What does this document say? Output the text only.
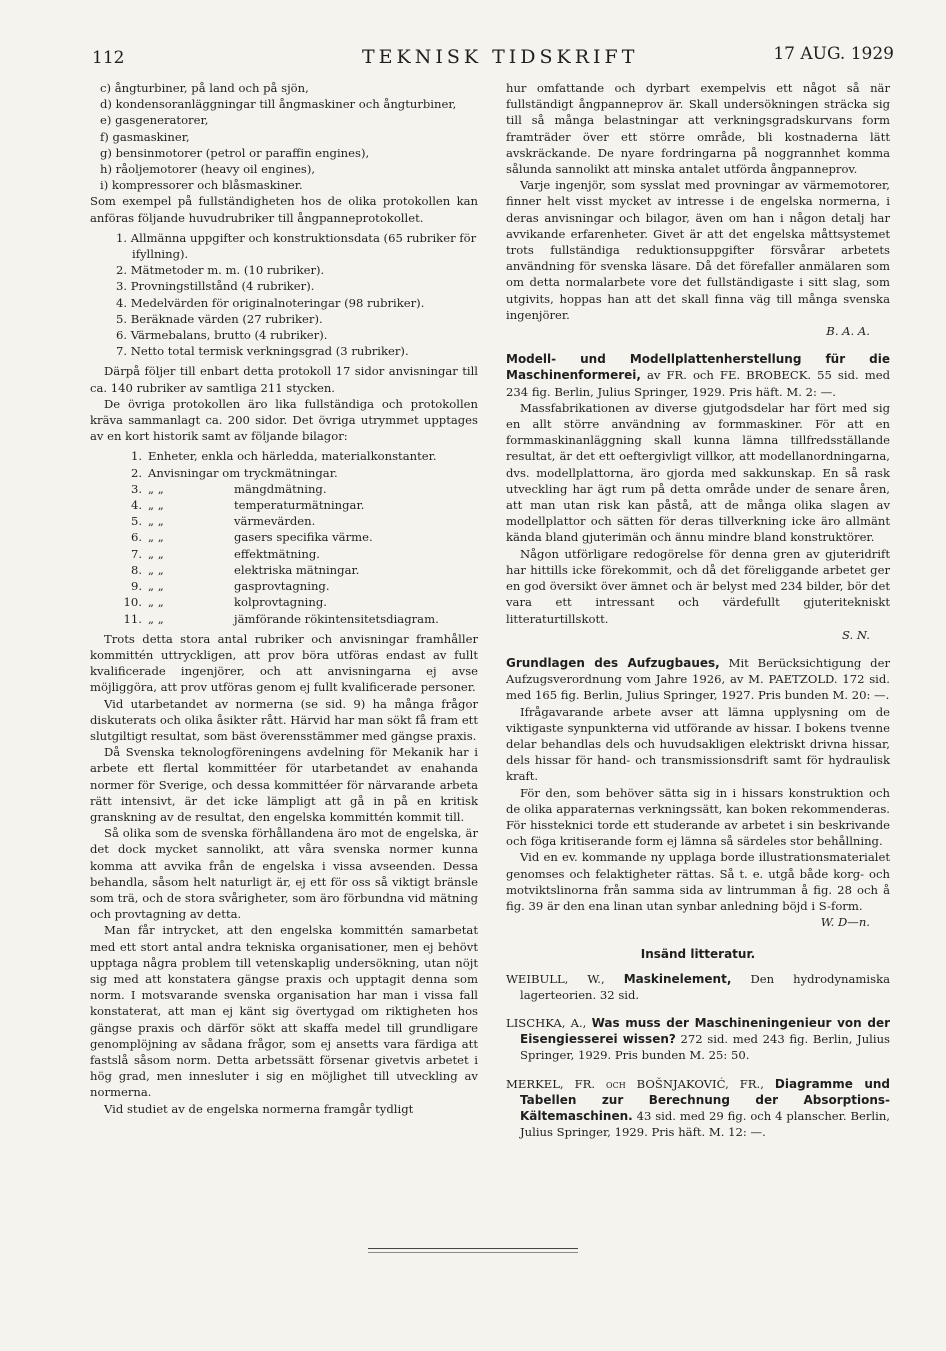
112	TEKNISK TIDSKRIFT	17 AUG. 1929

c) ångturbiner, på land och på sjön,

d) kondensoranläggningar till ångmaskiner och ångturbiner,

e) gasgeneratorer,

f) gasmaskiner,

g) bensinmotorer (petrol or paraffin engines),

h) råoljemotorer (heavy oil engines),

i) kompressorer och blåsmaskiner.

Som exempel på fullständigheten hos de olika protokollen kan anföras följande huvudrubriker till ångpanneprotokollet.

1. Allmänna uppgifter och konstruktionsdata (65 rubriker för ifyllning).

2. Mätmetoder m. m. (10 rubriker).

3. Provningstillstånd (4 rubriker).

4. Medelvärden för originalnoteringar (98 rubriker).

5. Beräknade värden (27 rubriker).

6. Värmebalans, brutto (4 rubriker).

7. Netto total termisk verkningsgrad (3 rubriker).

Därpå följer till enbart detta protokoll 17 sidor anvisningar till ca. 140 rubriker av samtliga 211 stycken.

De övriga protokollen äro lika fullständiga och protokollen kräva sammanlagt ca. 200 sidor. Det övriga utrymmet upptages av en kort historik samt av följande bilagor:

1. Enheter, enkla och härledda, materialkonstanter.
2. Anvisningar om tryckmätningar.
3. „ „	mängdmätning.
4. „ „	temperaturmätningar.
5. „ „	värmevärden.
6. „ „	gasers specifika värme.
7. „ „	effektmätning.
8. „ „	elektriska mätningar.
9. „ „	gasprovtagning.
10. „ „	kolprovtagning.
11. „ „	jämförande rökintensitetsdiagram.

Trots detta stora antal rubriker och anvisningar framhåller kommittén uttryckligen, att prov böra utföras endast av fullt kvalificerade ingenjörer, och att anvisningarna ej avse möjliggöra, att prov utföras genom ej fullt kvalificerade personer.

Vid utarbetandet av normerna (se sid. 9) ha många frågor diskuterats och olika åsikter rått. Härvid har man sökt få fram ett slutgiltigt resultat, som bäst överensstämmer med gängse praxis.

Då Svenska teknologföreningens avdelning för Mekanik har i arbete ett flertal kommittéer för utarbetandet av enahanda normer för Sverige, och dessa kommittéer för närvarande arbeta rätt intensivt, är det icke lämpligt att gå in på en kritisk granskning av de resultat, den engelska kommittén kommit till.

Så olika som de svenska förhållandena äro mot de engelska, är det dock mycket sannolikt, att våra svenska normer kunna komma att avvika från de engelska i vissa avseenden. Dessa behandla, såsom helt naturligt är, ej ett för oss så viktigt bränsle som trä, och de stora svårigheter, som äro förbundna vid mätning och provtagning av detta.

Man får intrycket, att den engelska kommittén samarbetat med ett stort antal andra tekniska organisationer, men ej behövt upptaga några problem till vetenskaplig undersökning, utan nöjt sig med att konstatera gängse praxis och upptagit denna som norm. I motsvarande svenska organisation har man i vissa fall konstaterat, att man ej känt sig övertygad om riktigheten hos gängse praxis och därför sökt att skaffa medel till grundligare genomplöjning av sådana frågor, som ej ansetts vara färdiga att fastslå såsom norm. Detta arbetssätt försenar givetvis arbetet i hög grad, men innesluter i sig en möjlighet till utveckling av normerna.

Vid studiet av de engelska normerna framgår tydligt

hur omfattande och dyrbart exempelvis ett något så när fullständigt ångpanneprov är. Skall undersökningen sträcka sig till så många belastningar att verkningsgradskurvans form framträder över ett större område, bli kostnaderna lätt avskräckande. De nyare fordringarna på noggrannhet komma sålunda sannolikt att minska antalet utförda ångpanneprov.

Varje ingenjör, som sysslat med provningar av värmemotorer, finner helt visst mycket av intresse i de engelska normerna, i deras anvisningar och bilagor, även om han i någon detalj har avvikande erfarenheter. Givet är att det engelska måttsystemet trots fullständiga reduktionsuppgifter försvårar arbetets användning för svenska läsare. Då det förefaller anmälaren som om detta normalarbete vore det fullständigaste i sitt slag, som utgivits, hoppas han att det skall finna väg till många svenska ingenjörer.

B. A. A.

Modell- und Modellplattenherstellung für die Maschinenformerei, av FR. och FE. BROBECK. 55 sid. med 234 fig. Berlin, Julius Springer, 1929. Pris häft. M. 2: —.

Massfabrikationen av diverse gjutgodsdelar har fört med sig en allt större användning av formmaskiner. För att en formmaskinanläggning skall kunna lämna tillfredsställande resultat, är det ett oeftergivligt villkor, att modellanordningarna, dvs. modellplattorna, äro gjorda med sakkunskap. En så rask utveckling har ägt rum på detta område under de senare åren, att man utan risk kan påstå, att de många olika slagen av modellplattor och sätten för deras tillverkning icke äro allmänt kända bland gjuterimän och ännu mindre bland konstruktörer.

Någon utförligare redogörelse för denna gren av gjuteridrift har hittills icke förekommit, och då det föreliggande arbetet ger en god översikt över ämnet och är belyst med 234 bilder, bör det vara ett intressant och värdefullt gjuteritekniskt litteraturtillskott.

S. N.

Grundlagen des Aufzugbaues, Mit Berücksichtigung der Aufzugsverordnung vom Jahre 1926, av M. PAETZOLD. 172 sid. med 165 fig. Berlin, Julius Springer, 1927. Pris bunden M. 20: —.

Ifrågavarande arbete avser att lämna upplysning om de viktigaste synpunkterna vid utförande av hissar. I bokens tvenne delar behandlas dels och huvudsakligen elektriskt drivna hissar, dels hissar för hand- och transmissionsdrift samt för hydraulisk kraft.

För den, som behöver sätta sig in i hissars konstruktion och de olika apparaternas verkningssätt, kan boken rekommenderas. För hissteknici torde ett studerande av arbetet i sin beskrivande och föga kritiserande form ej lämna så särdeles stor behållning.

Vid en ev. kommande ny upplaga borde illustrationsmaterialet genomses och felaktigheter rättas. Så t. e. utgå både korg- och motviktslinorna från samma sida av lintrumman å fig. 28 och å fig. 39 är den ena linan utan synbar anledning böjd i S-form.

W. D—n.

Insänd litteratur.

WEIBULL, W., Maskinelement, Den hydrodynamiska lagerteorien. 32 sid.

LISCHKA, A., Was muss der Maschineningenieur von der Eisengiesserei wissen? 272 sid. med 243 fig. Berlin, Julius Springer, 1929. Pris bunden M. 25: 50.

MERKEL, FR. och BOŠNJAKOVIĆ, FR., Diagramme und Tabellen zur Berechnung der Absorptions-Kältemaschinen. 43 sid. med 29 fig. och 4 planscher. Berlin, Julius Springer, 1929. Pris häft. M. 12: —.
